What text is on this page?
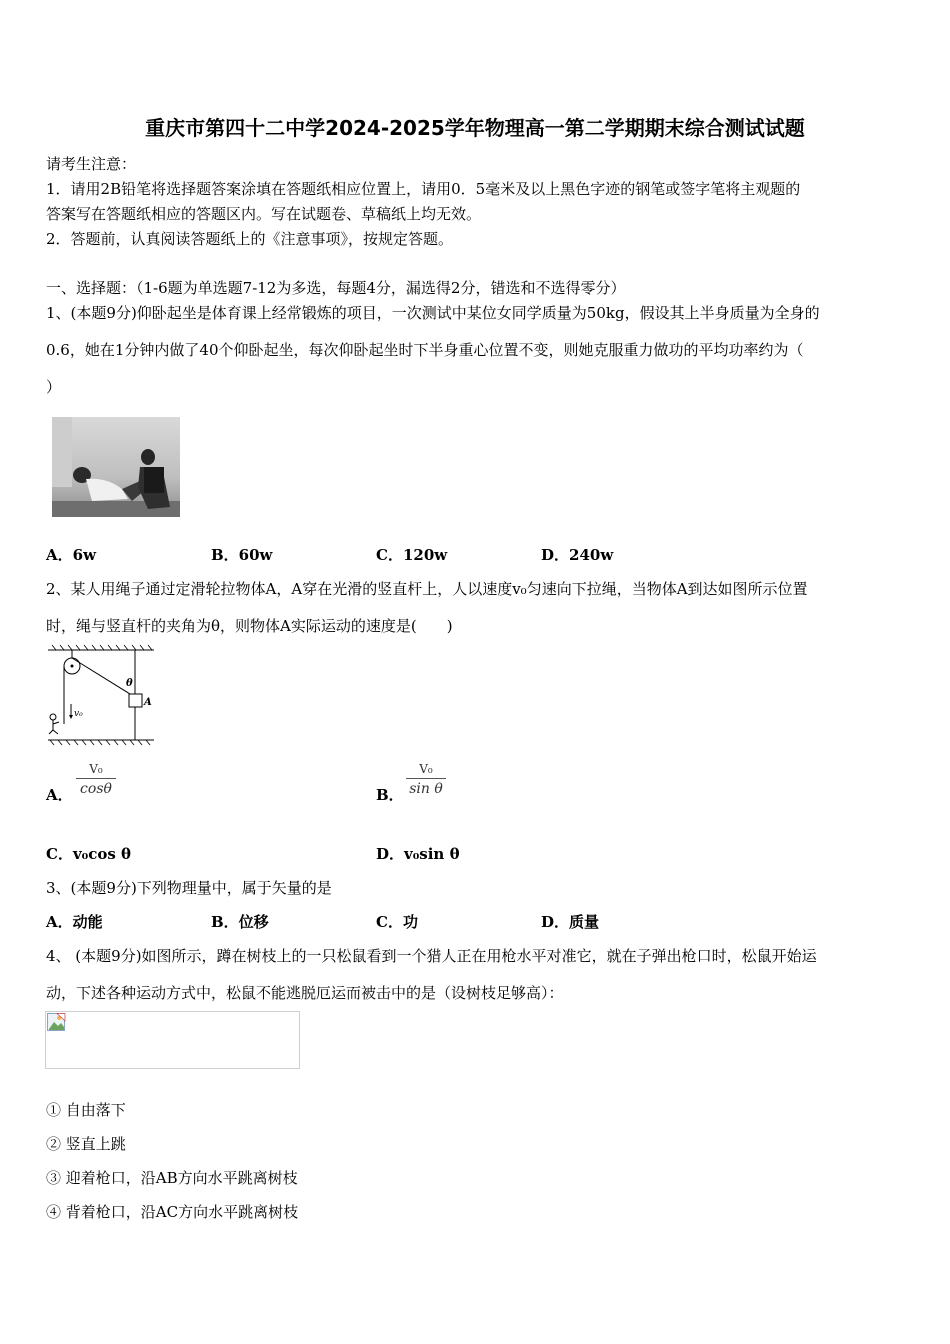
重庆市第四十二中学2024-2025学年物理高一第二学期期末综合测试试题
请考生注意：
1．请用2B铅笔将选择题答案涂填在答题纸相应位置上，请用0．5毫米及以上黑色字迹的钢笔或签字笔将主观题的
答案写在答题纸相应的答题区内。写在试题卷、草稿纸上均无效。
2．答题前，认真阅读答题纸上的《注意事项》，按规定答题。
一、选择题：（1-6题为单选题7-12为多选，每题4分，漏选得2分，错选和不选得零分）
1、(本题9分)仰卧起坐是体育课上经常锻炼的项目，一次测试中某位女同学质量为50kg，假设其上半身质量为全身的
0.6，她在1分钟内做了40个仰卧起坐，每次仰卧起坐时下半身重心位置不变，则她克服重力做功的平均功率约为（
）
A．6w	B．60w	C．120w	D．240w
2、某人用绳子通过定滑轮拉物体A，A穿在光滑的竖直杆上，人以速度v₀匀速向下拉绳，当物体A到达如图所示位置
时，绳与竖直杆的夹角为θ，则物体A实际运动的速度是(　　)
A
θ
v₀
A．
V₀
cosθ	B．
V₀
sin θ
C．v₀cos θ	D．v₀sin θ
3、(本题9分)下列物理量中，属于矢量的是
A．动能	B．位移	C．功	D．质量
4、 (本题9分)如图所示，蹲在树枝上的一只松鼠看到一个猎人正在用枪水平对准它，就在子弹出枪口时，松鼠开始运
动，下述各种运动方式中，松鼠不能逃脱厄运而被击中的是（设树枝足够高）：
① 自由落下
② 竖直上跳
③ 迎着枪口，沿AB方向水平跳离树枝
④ 背着枪口，沿AC方向水平跳离树枝
